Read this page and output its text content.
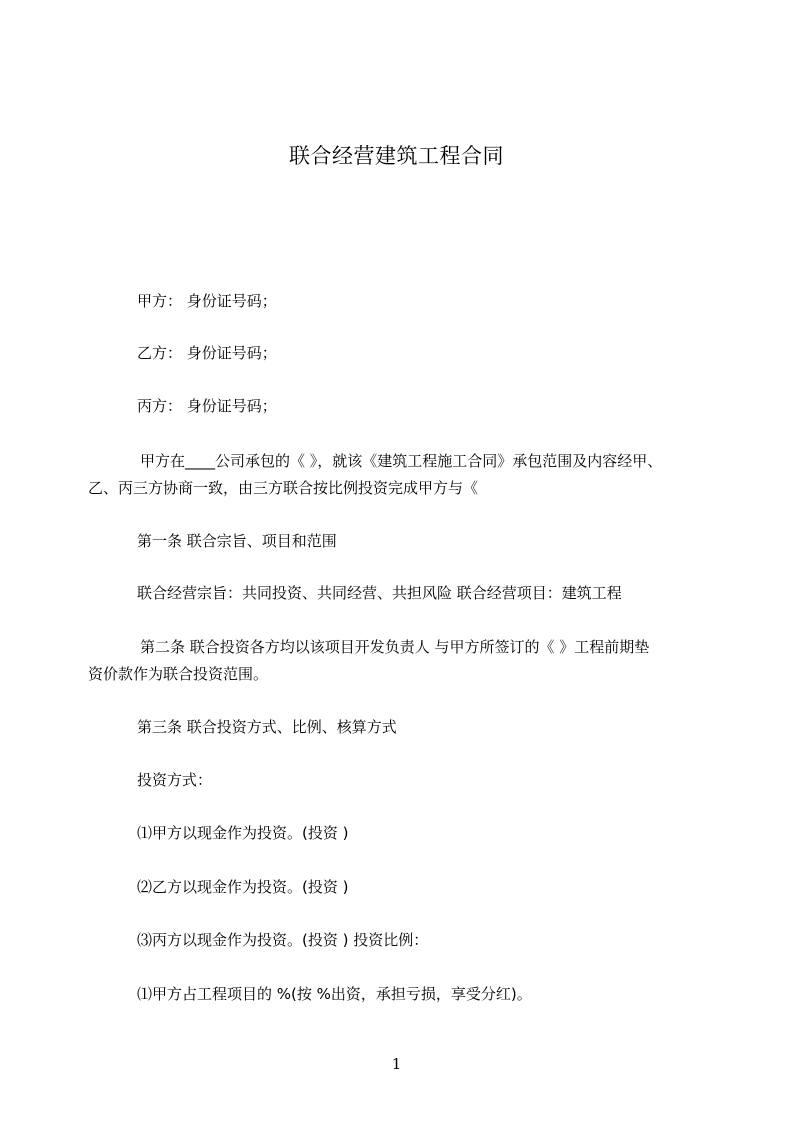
联合经营建筑工程合同
甲方： 身份证号码；
乙方： 身份证号码；
丙方： 身份证号码；
甲方在____公司承包的《 》，就该《建筑工程施工合同》承包范围及内容经甲、
乙、丙三方协商一致，由三方联合按比例投资完成甲方与《
第一条 联合宗旨、项目和范围
联合经营宗旨：共同投资、共同经营、共担风险 联合经营项目：建筑工程
第二条 联合投资各方均以该项目开发负责人 与甲方所签订的《 》工程前期垫
资价款作为联合投资范围。
第三条 联合投资方式、比例、核算方式
投资方式：
⑴甲方以现金作为投资。(投资 )
⑵乙方以现金作为投资。(投资 )
⑶丙方以现金作为投资。(投资 ) 投资比例：
⑴甲方占工程项目的 %(按 %出资，承担亏损，享受分红)。
1
